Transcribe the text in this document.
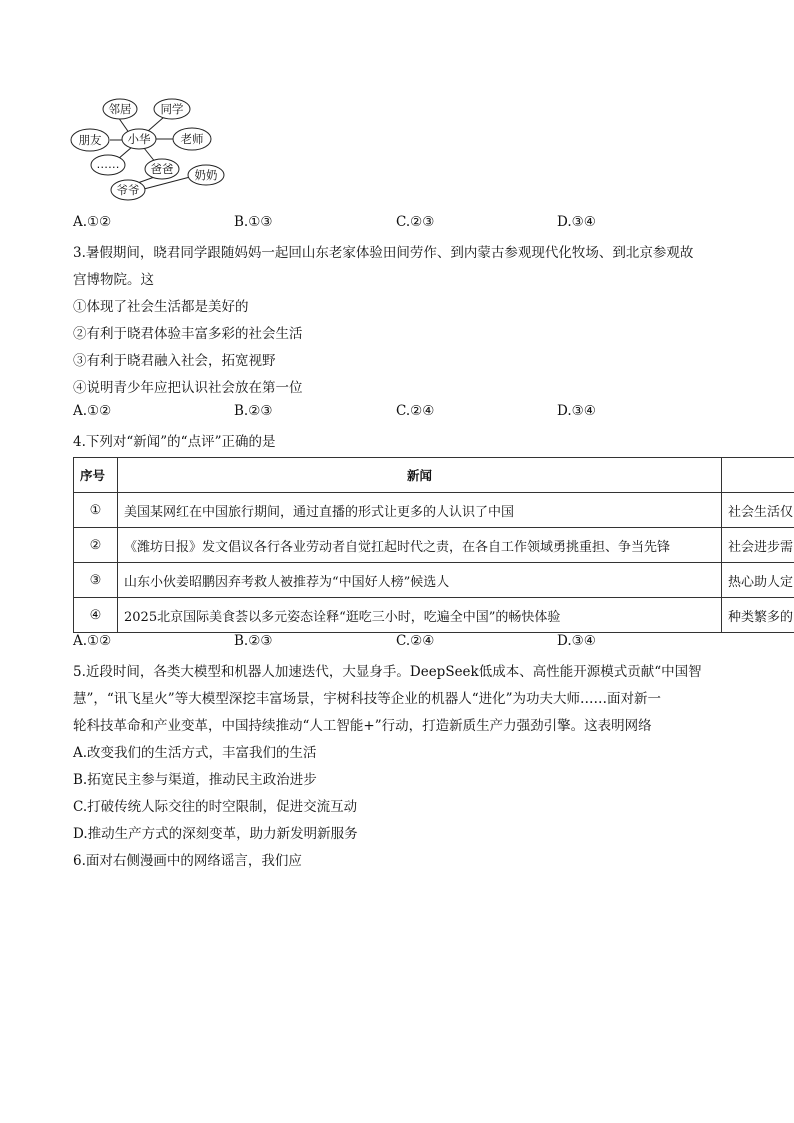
邻居	同学
朋友 小华	老师
……	爸爸 奶奶
爷爷
A.①②	B.①③	C.②③	D.③④
3.暑假期间，晓君同学跟随妈妈一起回山东老家体验田间劳作、到内蒙古参观现代化牧场、到北京参观故
宫博物院。这
①体现了社会生活都是美好的
②有利于晓君体验丰富多彩的社会生活
③有利于晓君融入社会，拓宽视野
④说明青少年应把认识社会放在第一位
A.①②	B.②③	C.②④	D.③④
4.下列对“新闻”的“点评”正确的是
序号	新闻	
①	美国某网红在中国旅行期间，通过直播的形式让更多的人认识了中国	社会生活仅
②	《潍坊日报》发文倡议各行各业劳动者自觉扛起时代之责，在各自工作领域勇挑重担、争当先锋	社会进步需
③	山东小伙姜昭鹏因弃考救人被推荐为“中国好人榜”候选人	热心助人定
④	2025北京国际美食荟以多元姿态诠释“逛吃三小时，吃遍全中国”的畅快体验	种类繁多的
A.①②	B.②③	C.②④	D.③④
5.近段时间，各类大模型和机器人加速迭代，大显身手。DeepSeek低成本、高性能开源模式贡献“中国智
慧”，“讯飞星火”等大模型深挖丰富场景，宇树科技等企业的机器人“进化”为功夫大师……面对新一
轮科技革命和产业变革，中国持续推动“人工智能+”行动，打造新质生产力强劲引擎。这表明网络
A.改变我们的生活方式，丰富我们的生活
B.拓宽民主参与渠道，推动民主政治进步
C.打破传统人际交往的时空限制，促进交流互动
D.推动生产方式的深刻变革，助力新发明新服务
6.面对右侧漫画中的网络谣言，我们应
